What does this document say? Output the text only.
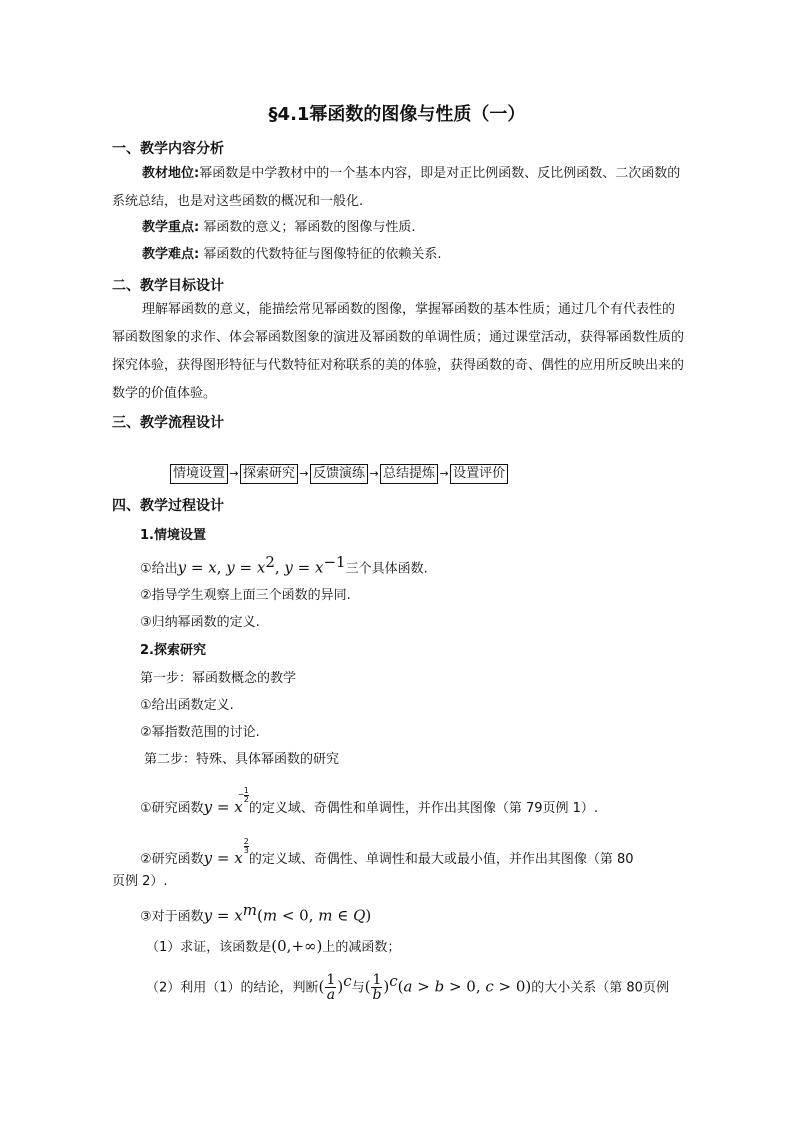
§4.1幂函数的图像与性质（一）
一、教学内容分析
教材地位:幂函数是中学教材中的一个基本内容，即是对正比例函数、反比例函数、二次函数的系统总结，也是对这些函数的概况和一般化.
教学重点: 幂函数的意义；幂函数的图像与性质.
教学难点: 幂函数的代数特征与图像特征的依赖关系.
二、教学目标设计
理解幂函数的意义，能描绘常见幂函数的图像，掌握幂函数的基本性质；通过几个有代表性的幂函数图象的求作、体会幂函数图象的演进及幂函数的单调性质；通过课堂活动，获得幂函数性质的探究体验，获得图形特征与代数特征对称联系的美的体验，获得函数的奇、偶性的应用所反映出来的数学的价值体验。
三、教学流程设计
情境设置 → 探索研究 → 反馈演练 → 总结提炼 → 设置评价
四、教学过程设计
1.情境设置
①给出y = x, $y = x^2$, $y = x^{-1}$三个具体函数.
②指导学生观察上面三个函数的异同.
③归纳幂函数的定义.
2.探索研究
第一步：幂函数概念的教学
①给出函数定义.
②幂指数范围的讨论.
第二步：特殊、具体幂函数的研究
①研究函数y = x
− 1
2
的定义域、奇偶性和单调性，并作出其图像（第 79页例 1）.
②研究函数y = x
$\frac{2}{3}$
的定义域、奇偶性、单调性和最大或最小值，并作出其图像（第 80
页例 2）.
③对于函数$y = x^m(m < 0$, m ∈ Q)
（1）求证，该函数是(0,+∞)上的减函数；
（2）利用（1）的结论，判断( $\frac{1}{a} )^c$与( $\frac{1}{b} )^c(a > b > 0$, c > 0)的大小关系（第 80页例
